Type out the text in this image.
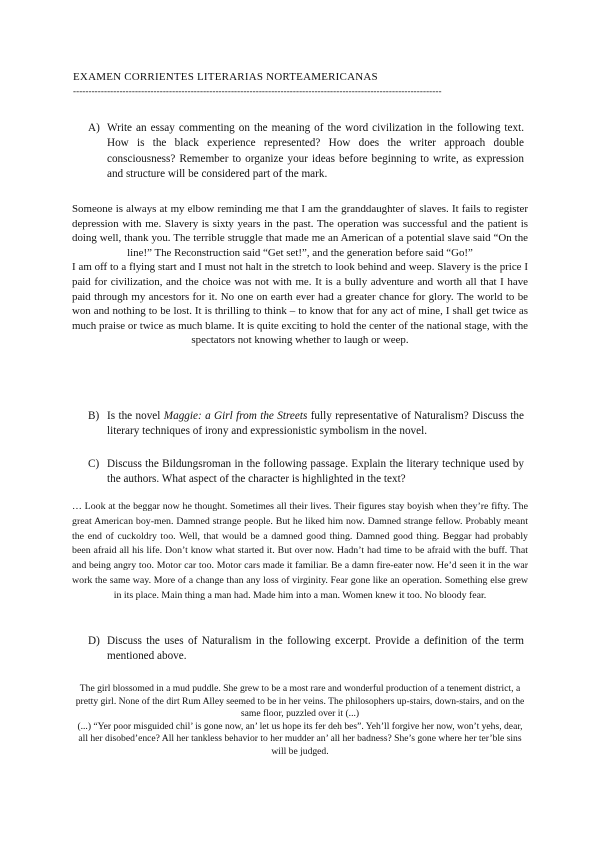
EXAMEN CORRIENTES LITERARIAS NORTEAMERICANAS
-----------------------------------------------------------------------------------------------------------------------
A) Write an essay commenting on the meaning of the word civilization in the following text. How is the black experience represented? How does the writer approach double consciousness? Remember to organize your ideas before beginning to write, as expression and structure will be considered part of the mark.

Someone is always at my elbow reminding me that I am the granddaughter of slaves. It fails to register depression with me. Slavery is sixty years in the past. The operation was successful and the patient is doing well, thank you. The terrible struggle that made me an American of a potential slave said “On the line!” The Reconstruction said “Get set!”, and the generation before said “Go!”

I am off to a flying start and I must not halt in the stretch to look behind and weep. Slavery is the price I paid for civilization, and the choice was not with me. It is a bully adventure and worth all that I have paid through my ancestors for it. No one on earth ever had a greater chance for glory. The world to be won and nothing to be lost. It is thrilling to think – to know that for any act of mine, I shall get twice as much praise or twice as much blame. It is quite exciting to hold the center of the national stage, with the spectators not knowing whether to laugh or weep.

B) Is the novel Maggie: a Girl from the Streets fully representative of Naturalism? Discuss the literary techniques of irony and expressionistic symbolism in the novel.
C) Discuss the Bildungsroman in the following passage. Explain the literary technique used by the authors. What aspect of the character is highlighted in the text?

… Look at the beggar now he thought. Sometimes all their lives. Their figures stay boyish when they’re fifty. The great American boy-men. Damned strange people. But he liked him now. Damned strange fellow. Probably meant the end of cuckoldry too. Well, that would be a damned good thing. Damned good thing. Beggar had probably been afraid all his life. Don’t know what started it. But over now. Hadn’t had time to be afraid with the buff. That and being angry too. Motor car too. Motor cars made it familiar. Be a damn fire-eater now. He’d seen it in the war work the same way. More of a change than any loss of virginity. Fear gone like an operation. Something else grew in its place. Main thing a man had. Made him into a man. Women knew it too. No bloody fear.

D) Discuss the uses of Naturalism in the following excerpt. Provide a definition of the term mentioned above.

The girl blossomed in a mud puddle. She grew to be a most rare and wonderful production of a tenement district, a pretty girl. None of the dirt Rum Alley seemed to be in her veins. The philosophers up-stairs, down-stairs, and on the same floor, puzzled over it (...)

(...) “Yer poor misguided chil’ is gone now, an’ let us hope its fer deh bes”. Yeh’ll forgive her now, won’t yehs, dear, all her disobed’ence? All her tankless behavior to her mudder an’ all her badness? She’s gone where her ter’ble sins will be judged.
